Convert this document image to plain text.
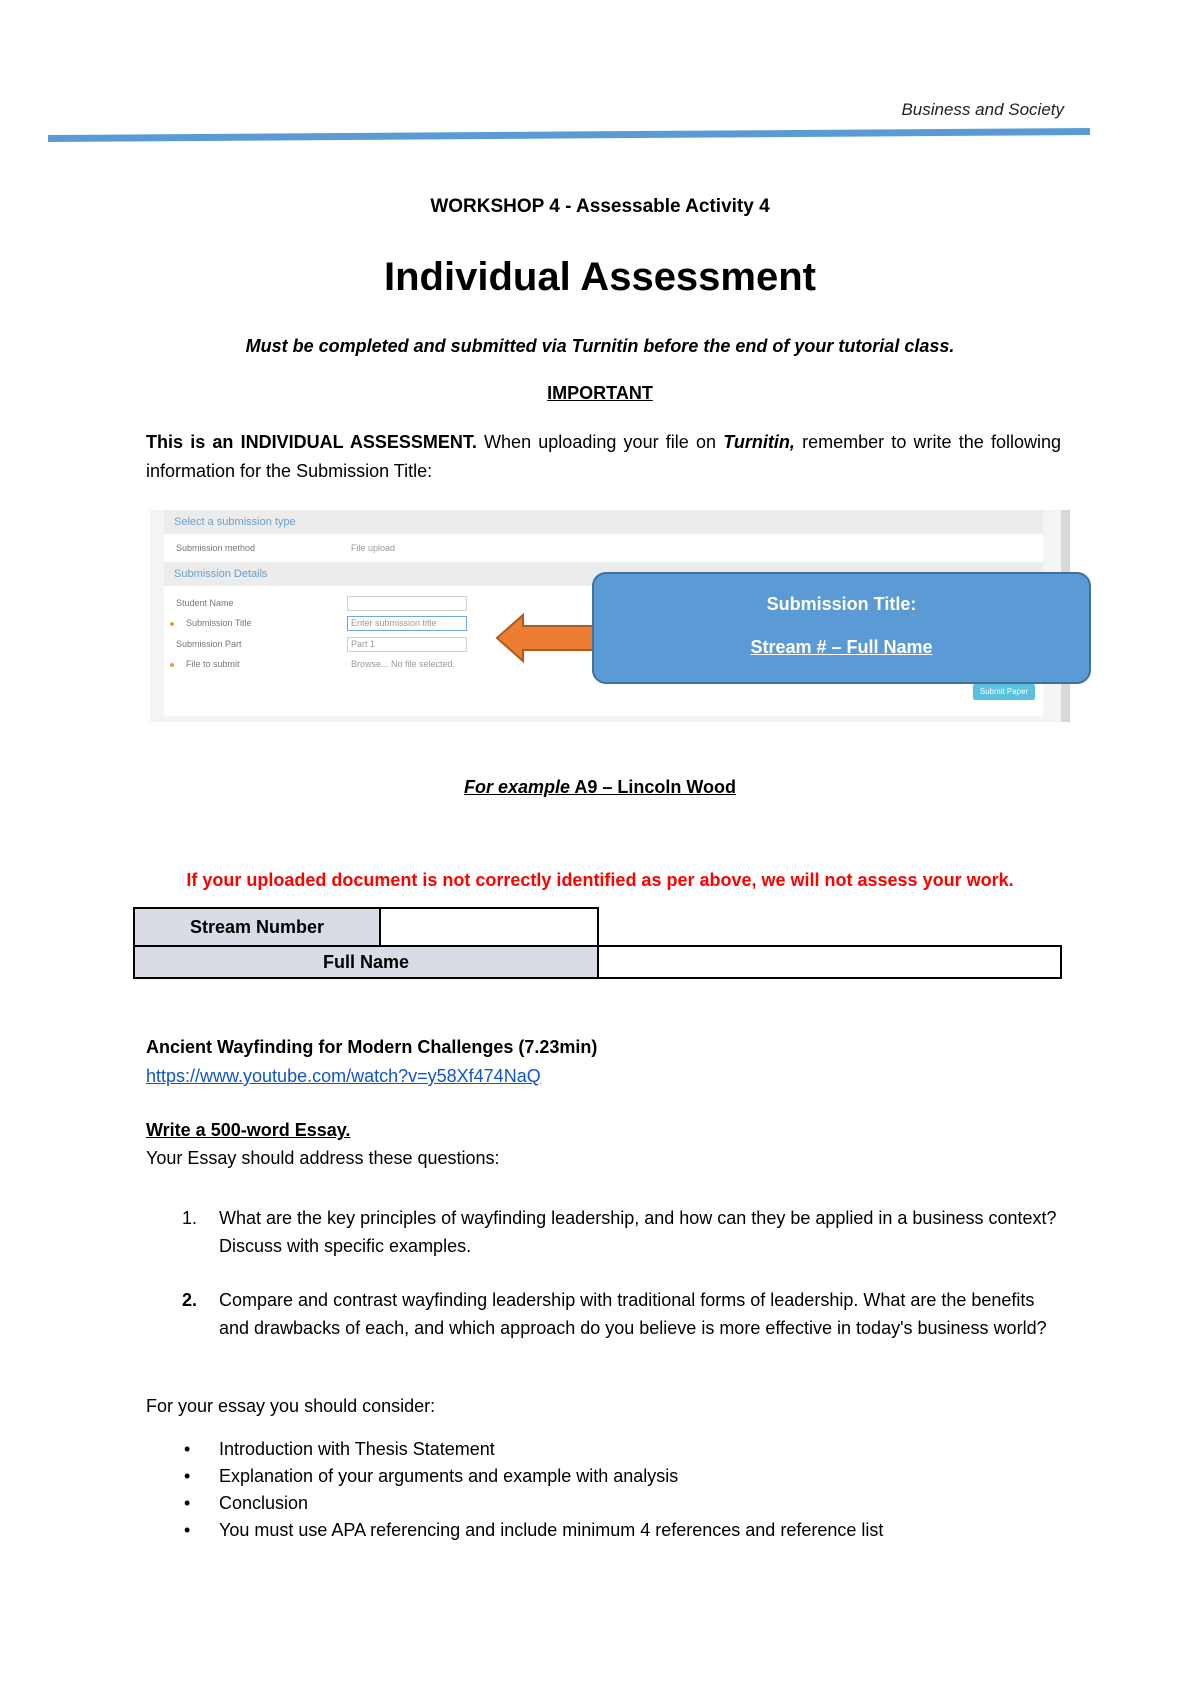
Business and Society
WORKSHOP 4 - Assessable Activity 4
Individual Assessment
Must be completed and submitted via Turnitin before the end of your tutorial class.
IMPORTANT
This is an INDIVIDUAL ASSESSMENT. When uploading your file on Turnitin, remember to write the following information for the Submission Title:
Select a submission type
Submission method	File upload
Submission Details
Student Name
Submission Title	Enter submission title
Submission Part	Part 1
File to submit	Browse... No file selected.
Submit Paper
Submission Title:
Stream # – Full Name
For example A9 – Lincoln Wood
If your uploaded document is not correctly identified as per above, we will not assess your work.
Stream Number
Full Name
Ancient Wayfinding for Modern Challenges (7.23min)
https://www.youtube.com/watch?v=y58Xf474NaQ
Write a 500-word Essay.
Your Essay should address these questions:
1. What are the key principles of wayfinding leadership, and how can they be applied in a business context? Discuss with specific examples.
2. Compare and contrast wayfinding leadership with traditional forms of leadership. What are the benefits and drawbacks of each, and which approach do you believe is more effective in today's business world?
For your essay you should consider:
• Introduction with Thesis Statement
• Explanation of your arguments and example with analysis
• Conclusion
• You must use APA referencing and include minimum 4 references and reference list
